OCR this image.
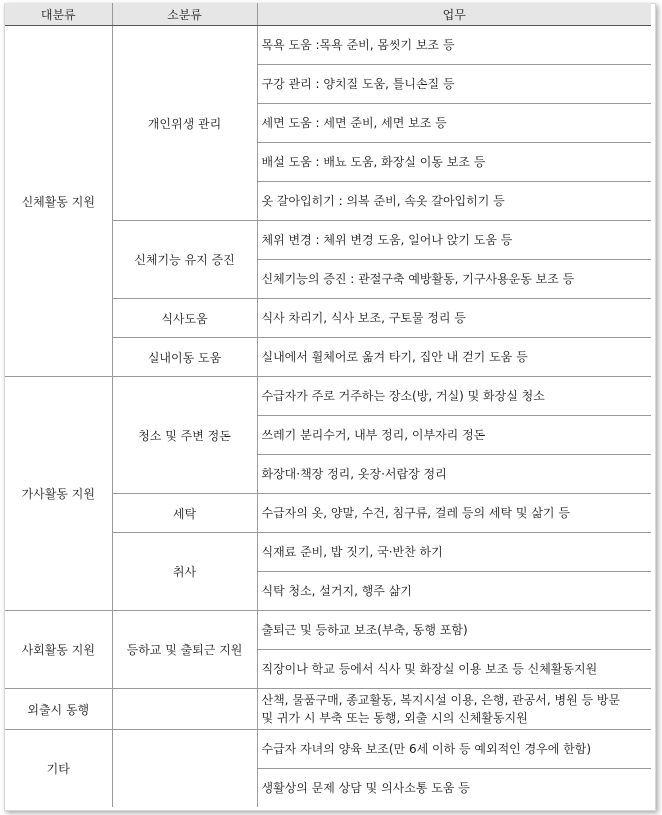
대분류	소분류	업무
신체활동 지원	개인위생 관리	목욕 도움 :목욕 준비, 몸씻기 보조 등
		구강 관리 : 양치질 도움, 틀니손질 등
		세면 도움 : 세면 준비, 세면 보조 등
		배설 도움 : 배뇨 도움, 화장실 이동 보조 등
		옷 갈아입히기 : 의복 준비, 속옷 갈아입히기 등
	신체기능 유지 증진	체위 변경 : 체위 변경 도움, 일어나 앉기 도움 등
		신체기능의 증진 : 관절구축 예방활동, 기구사용운동 보조 등
	식사도움	식사 차리기, 식사 보조, 구토물 정리 등
	실내이동 도움	실내에서 휠체어로 옮겨 타기, 집안 내 걷기 도움 등
가사활동 지원	청소 및 주변 정돈	수급자가 주로 거주하는 장소(방, 거실) 및 화장실 청소
		쓰레기 분리수거, 내부 정리, 이부자리 정돈
		화장대·책장 정리, 옷장·서랍장 정리
	세탁	수급자의 옷, 양말, 수건, 침구류, 걸레 등의 세탁 및 삶기 등
	취사	식재료 준비, 밥 짓기, 국·반찬 하기
		식탁 청소, 설거지, 행주 삶기
사회활동 지원	등하교 및 출퇴근 지원	출퇴근 및 등하교 보조(부축, 동행 포함)
		직장이나 학교 등에서 식사 및 화장실 이용 보조 등 신체활동지원
외출시 동행		산책, 물품구매, 종교활동, 복지시설 이용, 은행, 관공서, 병원 등 방문
및 귀가 시 부축 또는 동행, 외출 시의 신체활동지원

기타		수급자 자녀의 양육 보조(만 6세 이하 등 예외적인 경우에 한함)
		생활상의 문제 상담 및 의사소통 도움 등
